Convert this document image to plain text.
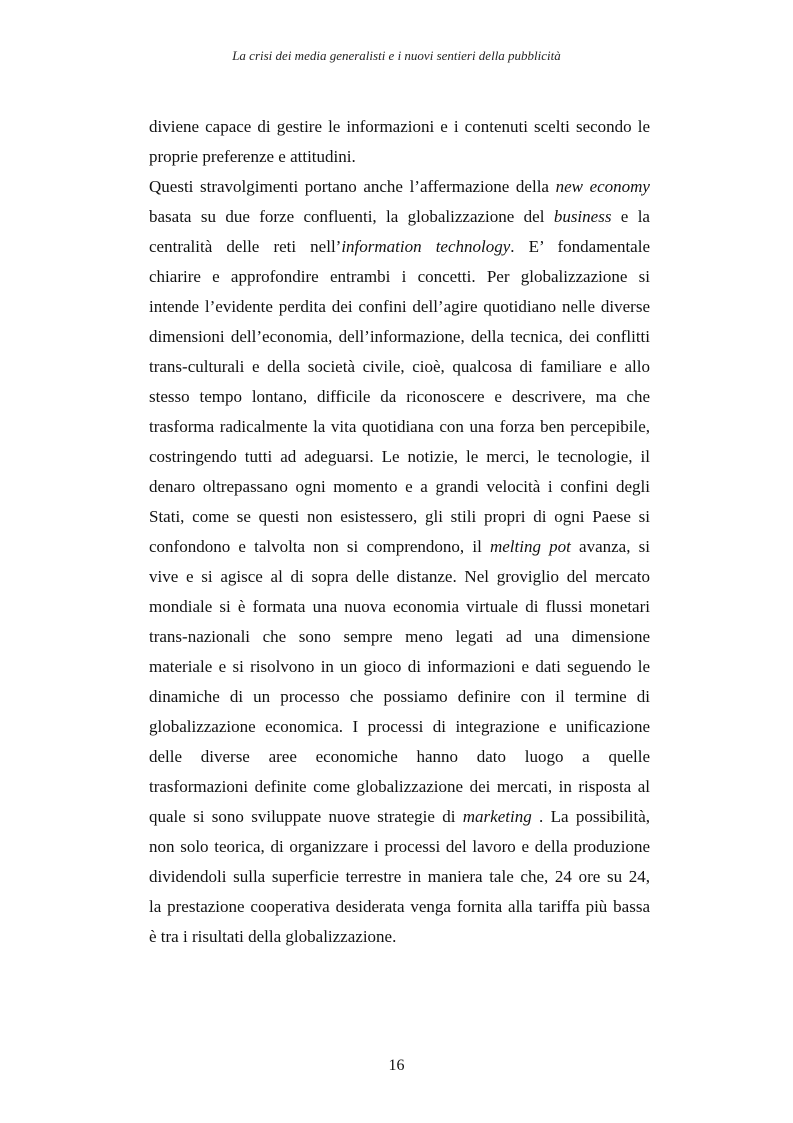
La crisi dei media generalisti e i nuovi sentieri della pubblicità
diviene capace di gestire le informazioni e i contenuti scelti secondo le
proprie preferenze e attitudini.
Questi stravolgimenti portano anche l’affermazione della new economy
basata su due forze confluenti, la globalizzazione del business e la
centralità delle reti nell’information technology. E’ fondamentale
chiarire e approfondire entrambi i concetti. Per globalizzazione si
intende l’evidente perdita dei confini dell’agire quotidiano nelle diverse
dimensioni dell’economia, dell’informazione, della tecnica, dei conflitti
trans-culturali e della società civile, cioè, qualcosa di familiare e allo
stesso tempo lontano, difficile da riconoscere e descrivere, ma che
trasforma radicalmente la vita quotidiana con una forza ben percepibile,
costringendo tutti ad adeguarsi. Le notizie, le merci, le tecnologie, il
denaro oltrepassano ogni momento e a grandi velocità i confini degli
Stati, come se questi non esistessero, gli stili propri di ogni Paese si
confondono e talvolta non si comprendono, il melting pot avanza, si
vive e si agisce al di sopra delle distanze. Nel groviglio del mercato
mondiale si è formata una nuova economia virtuale di flussi monetari
trans-nazionali che sono sempre meno legati ad una dimensione
materiale e si risolvono in un gioco di informazioni e dati seguendo le
dinamiche di un processo che possiamo definire con il termine di
globalizzazione economica. I processi di integrazione e unificazione
delle diverse aree economiche hanno dato luogo a quelle
trasformazioni definite come globalizzazione dei mercati, in risposta al
quale si sono sviluppate nuove strategie di marketing . La possibilità,
non solo teorica, di organizzare i processi del lavoro e della produzione
dividendoli sulla superficie terrestre in maniera tale che, 24 ore su 24,
la prestazione cooperativa desiderata venga fornita alla tariffa più bassa
è tra i risultati della globalizzazione.
16
